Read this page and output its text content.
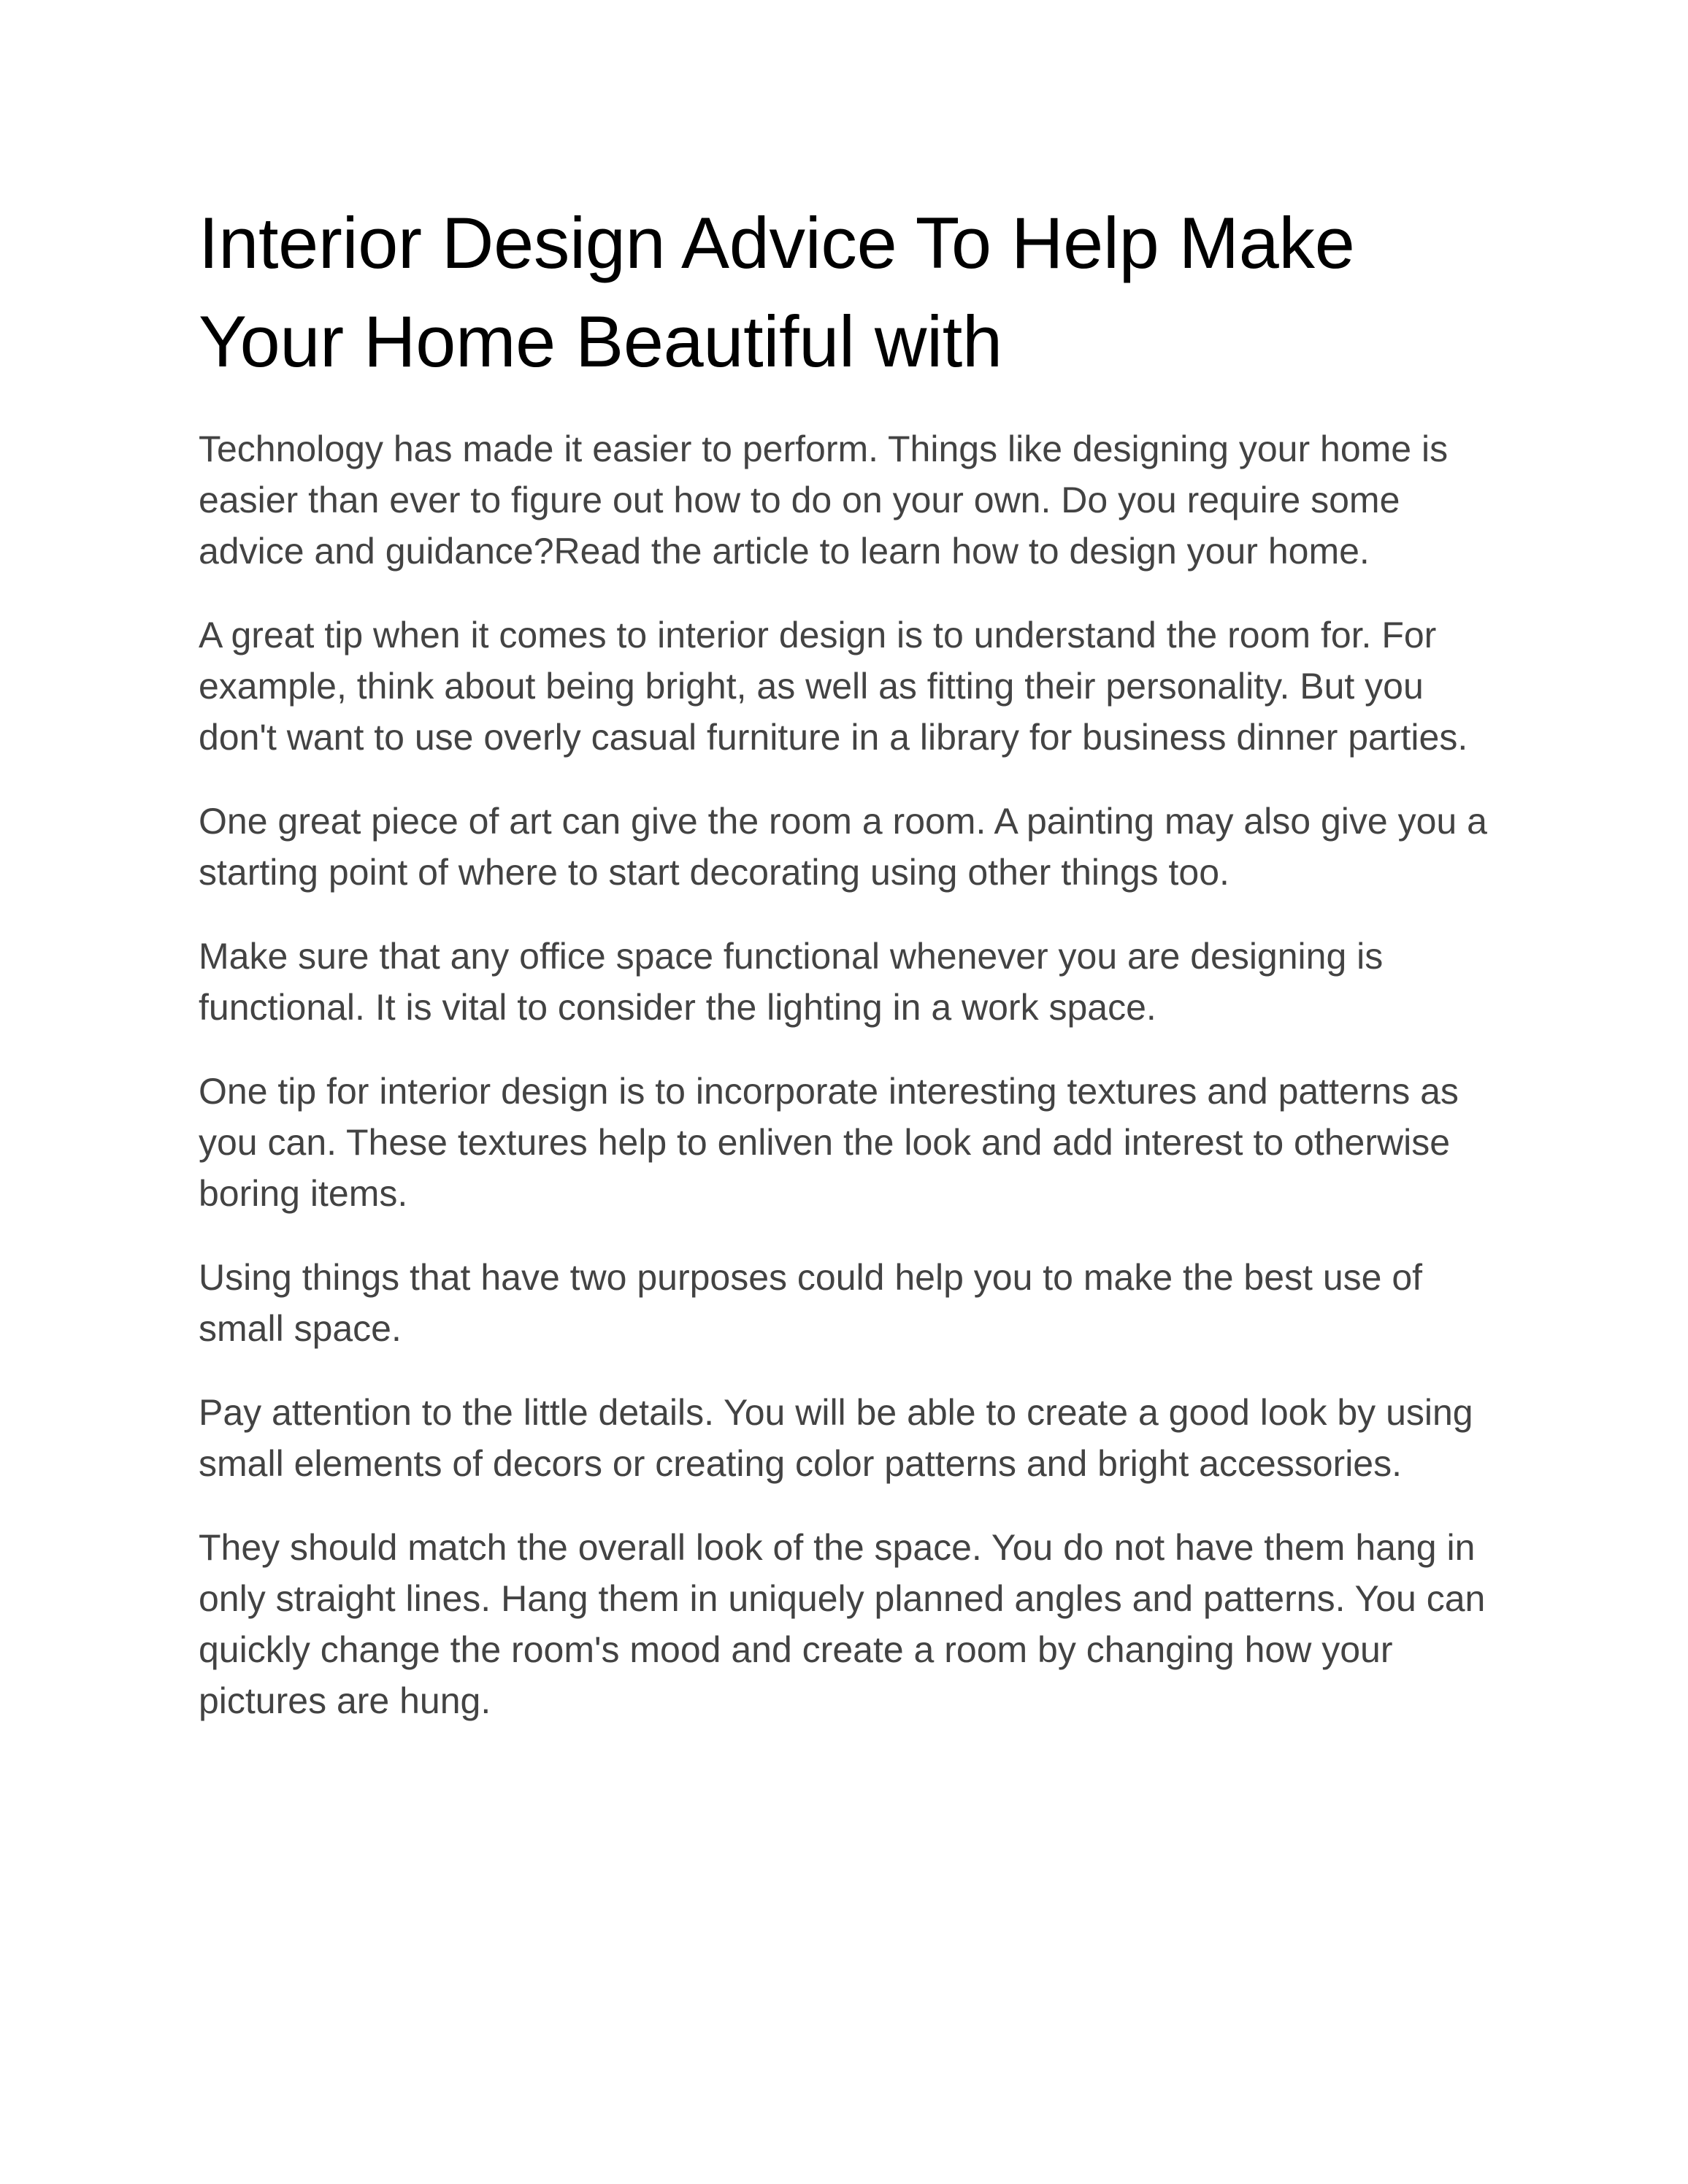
Interior Design Advice To Help Make Your Home Beautiful with

Technology has made it easier to perform. Things like designing your home is easier than ever to figure out how to do on your own. Do you require some advice and guidance?Read the article to learn how to design your home.

A great tip when it comes to interior design is to understand the room for. For example, think about being bright, as well as fitting their personality. But you don't want to use overly casual furniture in a library for business dinner parties.

One great piece of art can give the room a room. A painting may also give you a starting point of where to start decorating using other things too.

Make sure that any office space functional whenever you are designing is functional. It is vital to consider the lighting in a work space.

One tip for interior design is to incorporate interesting textures and patterns as you can. These textures help to enliven the look and add interest to otherwise boring items.

Using things that have two purposes could help you to make the best use of small space.

Pay attention to the little details. You will be able to create a good look by using small elements of decors or creating color patterns and bright accessories.

They should match the overall look of the space. You do not have them hang in only straight lines. Hang them in uniquely planned angles and patterns. You can quickly change the room's mood and create a room by changing how your pictures are hung.
